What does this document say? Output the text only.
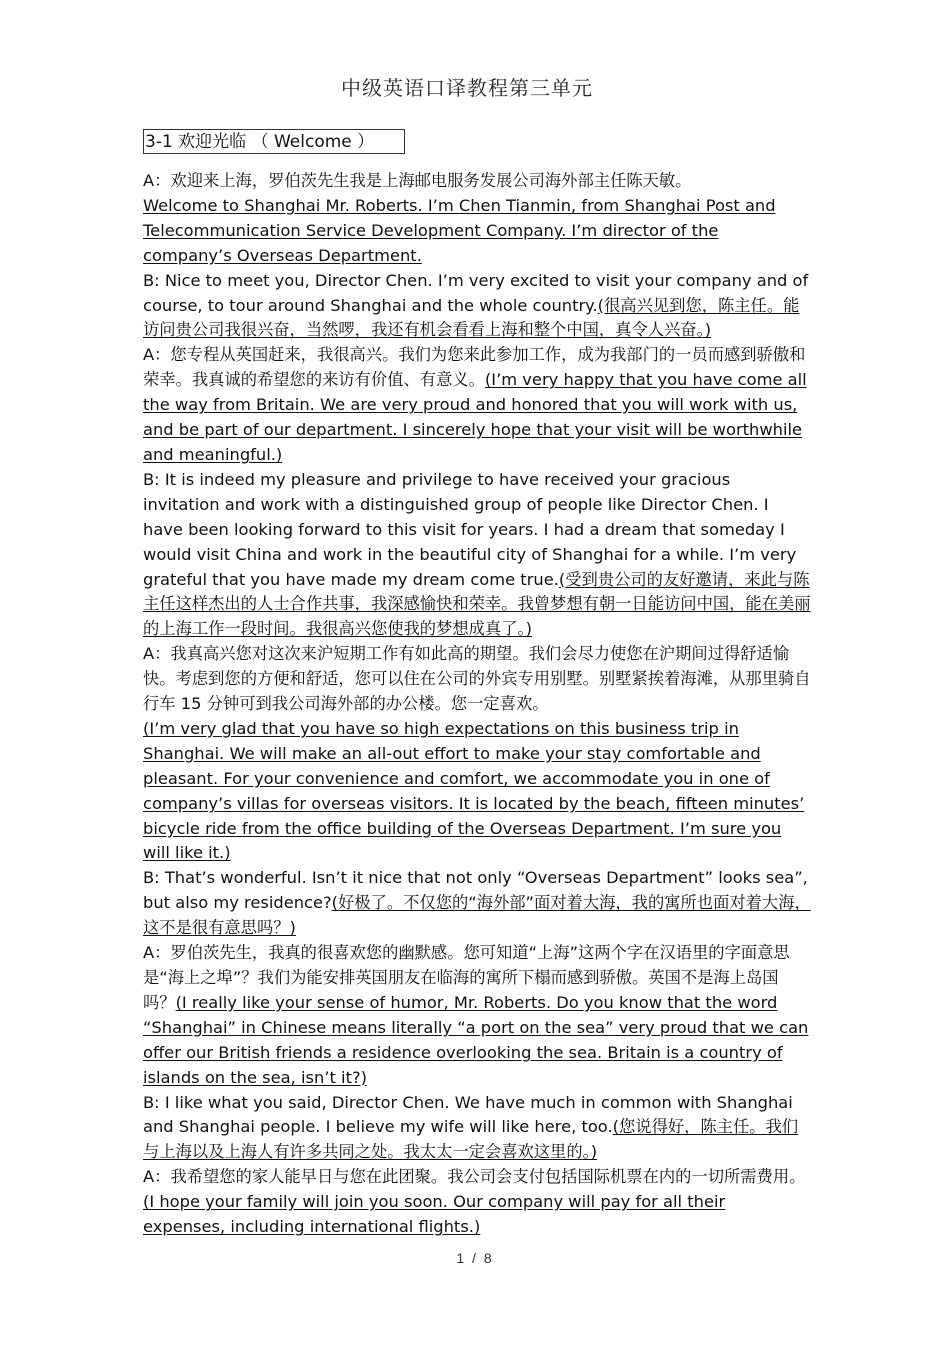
中级英语口译教程第三单元
3-1 欢迎光临 （ Welcome ）

A：欢迎来上海，罗伯茨先生我是上海邮电服务发展公司海外部主任陈天敏。
Welcome to Shanghai Mr. Roberts. I’m Chen Tianmin, from Shanghai Post and Telecommunication Service Development Company. I’m director of the company’s Overseas Department.

B: Nice to meet you, Director Chen. I’m very excited to visit your company and of course, to tour around Shanghai and the whole country.(很高兴见到您，陈主任。能访问贵公司我很兴奋，当然啰，我还有机会看看上海和整个中国，真令人兴奋。)

A：您专程从英国赶来，我很高兴。我们为您来此参加工作，成为我部门的一员而感到骄傲和荣幸。我真诚的希望您的来访有价值、有意义。(I’m very happy that you have come all the way from Britain. We are very proud and honored that you will work with us, and be part of our department. I sincerely hope that your visit will be worthwhile and meaningful.)

B: It is indeed my pleasure and privilege to have received your gracious invitation and work with a distinguished group of people like Director Chen. I have been looking forward to this visit for years. I had a dream that someday I would visit China and work in the beautiful city of Shanghai for a while. I’m very grateful that you have made my dream come true.(受到贵公司的友好邀请，来此与陈主任这样杰出的人士合作共事，我深感愉快和荣幸。我曾梦想有朝一日能访问中国，能在美丽的上海工作一段时间。我很高兴您使我的梦想成真了。)

A：我真高兴您对这次来沪短期工作有如此高的期望。我们会尽力使您在沪期间过得舒适愉快。考虑到您的方便和舒适，您可以住在公司的外宾专用别墅。别墅紧挨着海滩，从那里骑自行车 15 分钟可到我公司海外部的办公楼。您一定喜欢。
(I’m very glad that you have so high expectations on this business trip in Shanghai. We will make an all-out effort to make your stay comfortable and pleasant. For your convenience and comfort, we accommodate you in one of company’s villas for overseas visitors. It is located by the beach, fifteen minutes’ bicycle ride from the office building of the Overseas Department. I’m sure you will like it.)

B: That’s wonderful. Isn’t it nice that not only “Overseas Department” looks sea”, but also my residence?(好极了。不仅您的“海外部”面对着大海，我的寓所也面对着大海，这不是很有意思吗？)

A：罗伯茨先生，我真的很喜欢您的幽默感。您可知道“上海”这两个字在汉语里的字面意思是“海上之埠”？我们为能安排英国朋友在临海的寓所下榻而感到骄傲。英国不是海上岛国吗？(I really like your sense of humor, Mr. Roberts. Do you know that the word “Shanghai” in Chinese means literally “a port on the sea” very proud that we can offer our British friends a residence overlooking the sea. Britain is a country of islands on the sea, isn’t it?)

B: I like what you said, Director Chen. We have much in common with Shanghai and Shanghai people. I believe my wife will like here, too.(您说得好，陈主任。我们与上海以及上海人有许多共同之处。我太太一定会喜欢这里的。)

A：我希望您的家人能早日与您在此团聚。我公司会支付包括国际机票在内的一切所需费用。(I hope your family will join you soon. Our company will pay for all their expenses, including international flights.)

1 / 8
